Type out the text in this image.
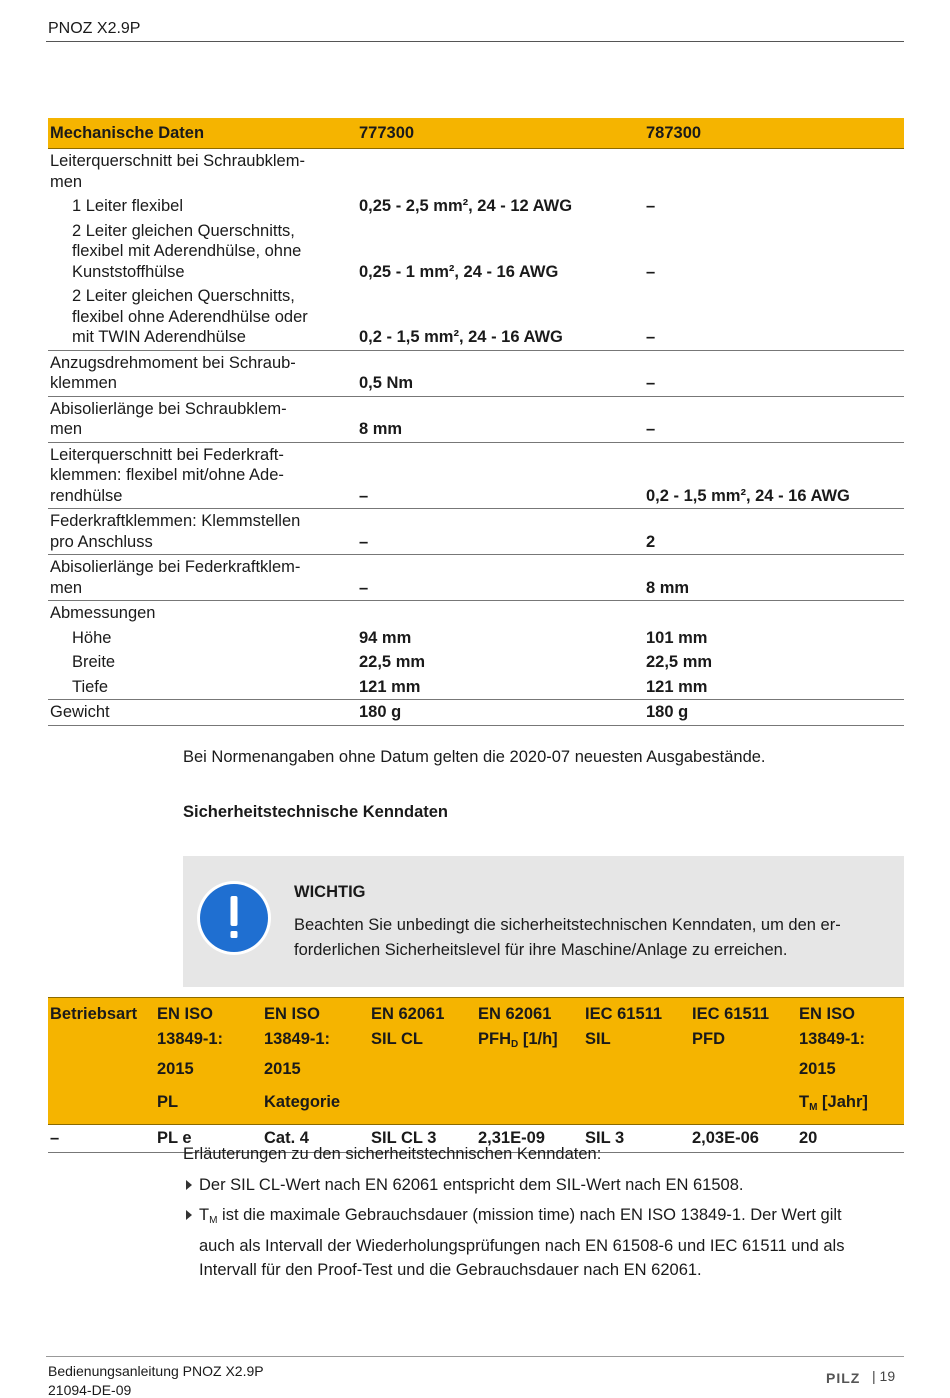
PNOZ X2.9P
Mechanische Daten	777300	787300
Leiterquerschnitt bei Schraubklem-
men		
1 Leiter flexibel	0,25 - 2,5 mm², 24 - 12 AWG	–
2 Leiter gleichen Querschnitts,
flexibel mit Aderendhülse, ohne
Kunststoffhülse	0,25 - 1 mm², 24 - 16 AWG	–
2 Leiter gleichen Querschnitts,
flexibel ohne Aderendhülse oder
mit TWIN Aderendhülse	0,2 - 1,5 mm², 24 - 16 AWG	–
Anzugsdrehmoment bei Schraub-
klemmen	0,5 Nm	–
Abisolierlänge bei Schraubklem-
men	8 mm	–
Leiterquerschnitt bei Federkraft-
klemmen: flexibel mit/ohne Ade-
rendhülse	–	0,2 - 1,5 mm², 24 - 16 AWG
Federkraftklemmen: Klemmstellen
pro Anschluss	–	2
Abisolierlänge bei Federkraftklem-
men	–	8 mm
Abmessungen		
Höhe	94 mm	101 mm
Breite	22,5 mm	22,5 mm
Tiefe	121 mm	121 mm
Gewicht	180 g	180 g
Bei Normenangaben ohne Datum gelten die 2020-07 neuesten Ausgabestände.
Sicherheitstechnische Kenndaten
WICHTIG
Beachten Sie unbedingt die sicherheitstechnischen Kenndaten, um den er-
forderlichen Sicherheitslevel für ihre Maschine/Anlage zu erreichen.
Betriebsart	EN ISO	EN ISO	EN 62061	EN 62061	IEC 61511	IEC 61511	EN ISO
	13849-1:	13849-1:	SIL CL	$PFH_D$ [1/h]	SIL	PFD	13849-1:
	2015	2015					2015
	PL	Kategorie					$T_M$ [Jahr]
–	PL e	Cat. 4	SIL CL 3	2,31E-09	SIL 3	2,03E-06	20
Erläuterungen zu den sicherheitstechnischen Kenndaten:
Der SIL CL-Wert nach EN 62061 entspricht dem SIL-Wert nach EN 61508.
$T_M$ ist die maximale Gebrauchsdauer (mission time) nach EN ISO 13849-1. Der Wert gilt
auch als Intervall der Wiederholungsprüfungen nach EN 61508-6 und IEC 61511 und als
Intervall für den Proof-Test und die Gebrauchsdauer nach EN 62061.
Bedienungsanleitung PNOZ X2.9P
21094-DE-09
PILZ | 19
